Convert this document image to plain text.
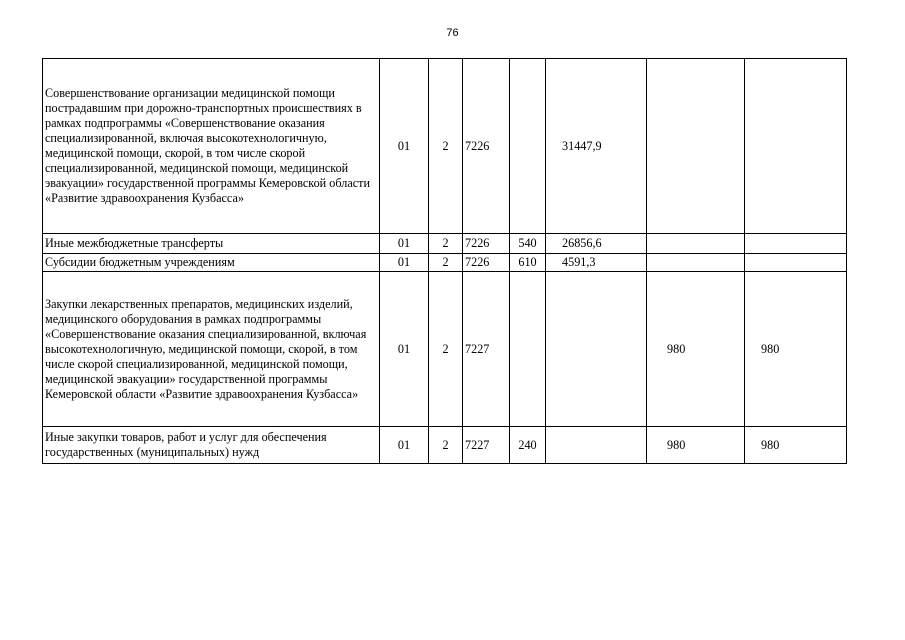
76
Совершенствование организации медицинской помощи пострадавшим при дорожно-транспортных происшествиях в рамках подпрограммы «Совершенствование оказания специализированной, включая высокотехнологичную, медицинской помощи, скорой, в том числе скорой специализированной, медицинской помощи, медицинской эвакуации» государственной программы Кемеровской области «Развитие здравоохранения Кузбасса»	01	2	7226		31447,9		
Иные межбюджетные трансферты	01	2	7226	540	26856,6		
Субсидии бюджетным учреждениям	01	2	7226	610	4591,3		
Закупки лекарственных препаратов, медицинских изделий, медицинского оборудования в рамках подпрограммы «Совершенствование оказания специализированной, включая высокотехнологичную, медицинской помощи, скорой, в том числе скорой специализированной, медицинской помощи, медицинской эвакуации» государственной программы Кемеровской области «Развитие здравоохранения Кузбасса»	01	2	7227			980	980
Иные закупки товаров, работ и услуг для обеспечения государственных (муниципальных) нужд	01	2	7227	240		980	980
